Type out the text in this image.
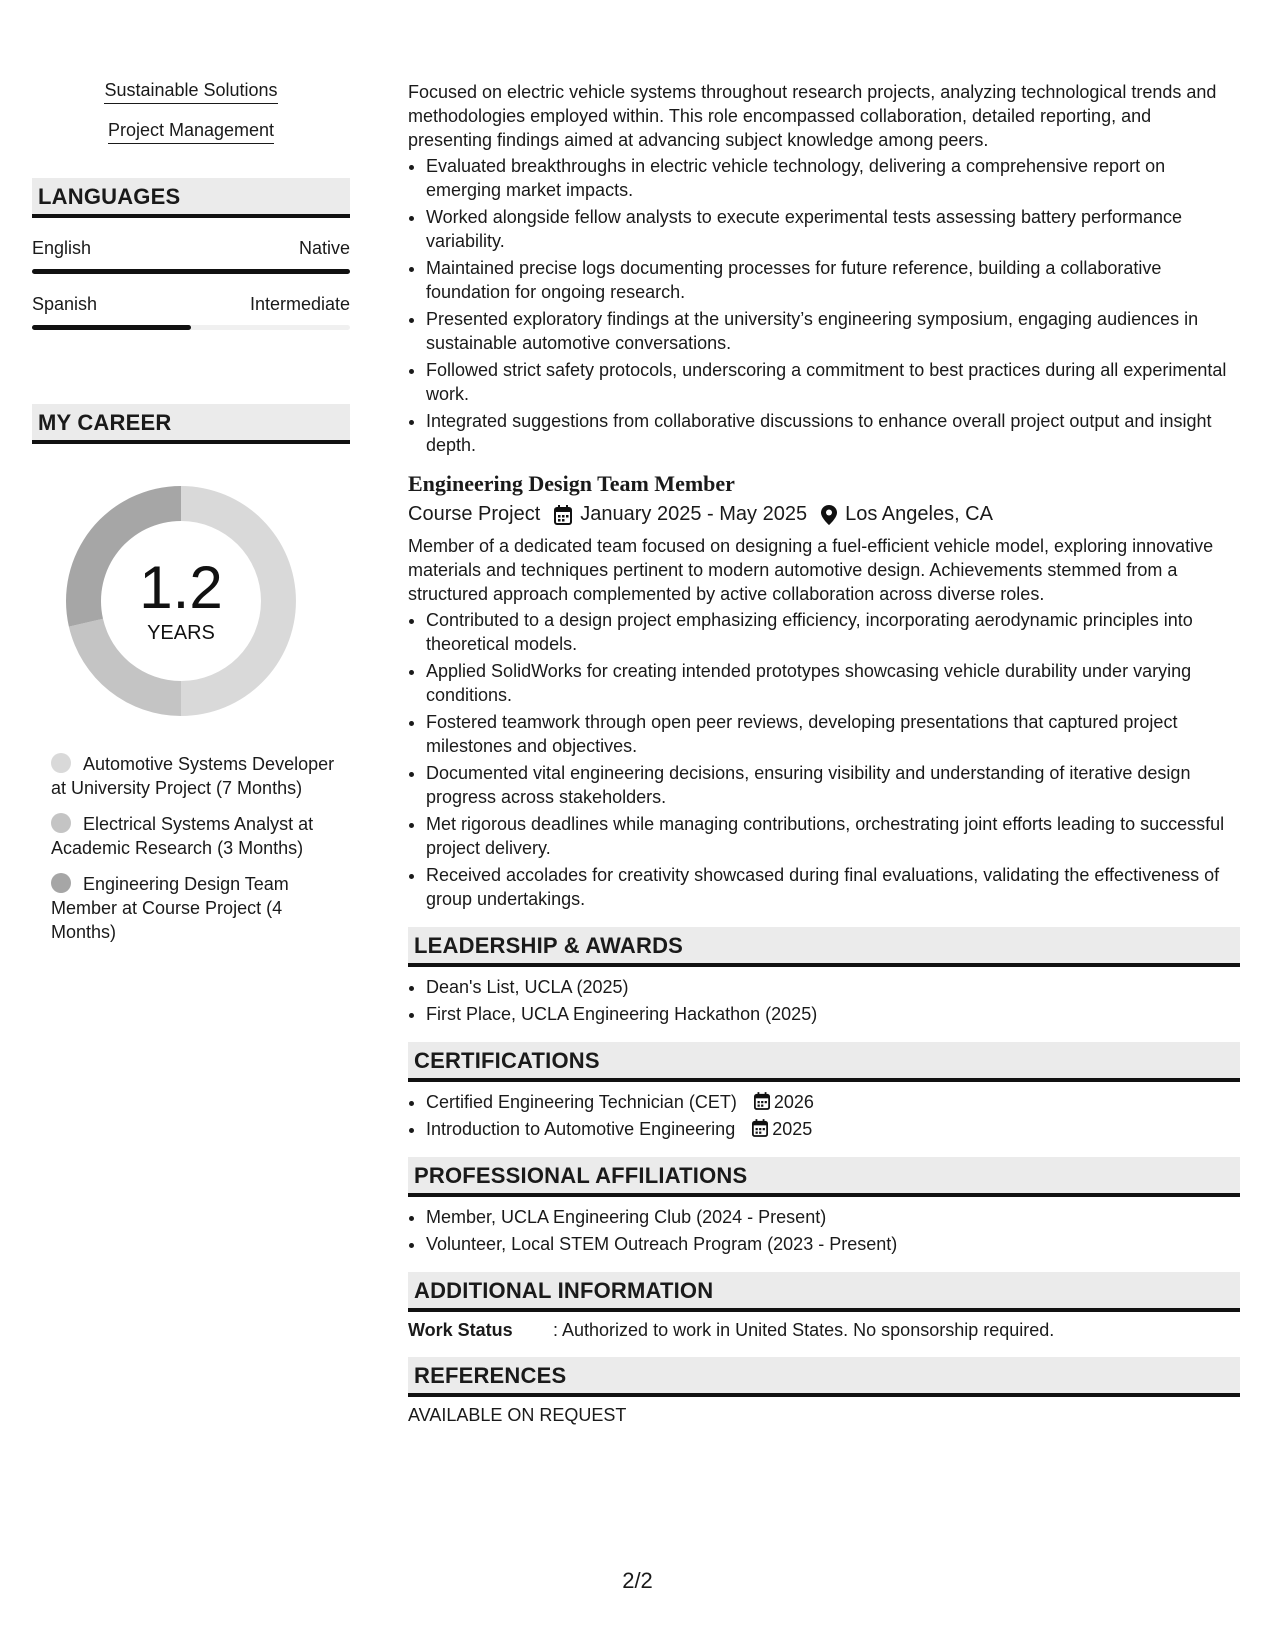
Sustainable Solutions
Project Management
LANGUAGES
English	Native
Spanish	Intermediate
MY CAREER
1.2
YEARS
Automotive Systems Developer at University Project (7 Months)
Electrical Systems Analyst at Academic Research (3 Months)
Engineering Design Team Member at Course Project (4 Months)

Focused on electric vehicle systems throughout research projects, analyzing technological trends and methodologies employed within. This role encompassed collaboration, detailed reporting, and presenting findings aimed at advancing subject knowledge among peers.

• Evaluated breakthroughs in electric vehicle technology, delivering a comprehensive report on emerging market impacts.
• Worked alongside fellow analysts to execute experimental tests assessing battery performance variability.
• Maintained precise logs documenting processes for future reference, building a collaborative foundation for ongoing research.
• Presented exploratory findings at the university’s engineering symposium, engaging audiences in sustainable automotive conversations.
• Followed strict safety protocols, underscoring a commitment to best practices during all experimental work.
• Integrated suggestions from collaborative discussions to enhance overall project output and insight depth.
Engineering Design Team Member
Course Project January 2025 - May 2025 Los Angeles, CA

Member of a dedicated team focused on designing a fuel-efficient vehicle model, exploring innovative materials and techniques pertinent to modern automotive design. Achievements stemmed from a structured approach complemented by active collaboration across diverse roles.

• Contributed to a design project emphasizing efficiency, incorporating aerodynamic principles into theoretical models.
• Applied SolidWorks for creating intended prototypes showcasing vehicle durability under varying conditions.
• Fostered teamwork through open peer reviews, developing presentations that captured project milestones and objectives.
• Documented vital engineering decisions, ensuring visibility and understanding of iterative design progress across stakeholders.
• Met rigorous deadlines while managing contributions, orchestrating joint efforts leading to successful project delivery.
• Received accolades for creativity showcased during final evaluations, validating the effectiveness of group undertakings.
LEADERSHIP & AWARDS
• Dean's List, UCLA (2025)
• First Place, UCLA Engineering Hackathon (2025)
CERTIFICATIONS
• Certified Engineering Technician (CET) 2026
• Introduction to Automotive Engineering 2025
PROFESSIONAL AFFILIATIONS
• Member, UCLA Engineering Club (2024 - Present)
• Volunteer, Local STEM Outreach Program (2023 - Present)
ADDITIONAL INFORMATION
Work Status	: Authorized to work in United States. No sponsorship required.
REFERENCES
AVAILABLE ON REQUEST
2/2
